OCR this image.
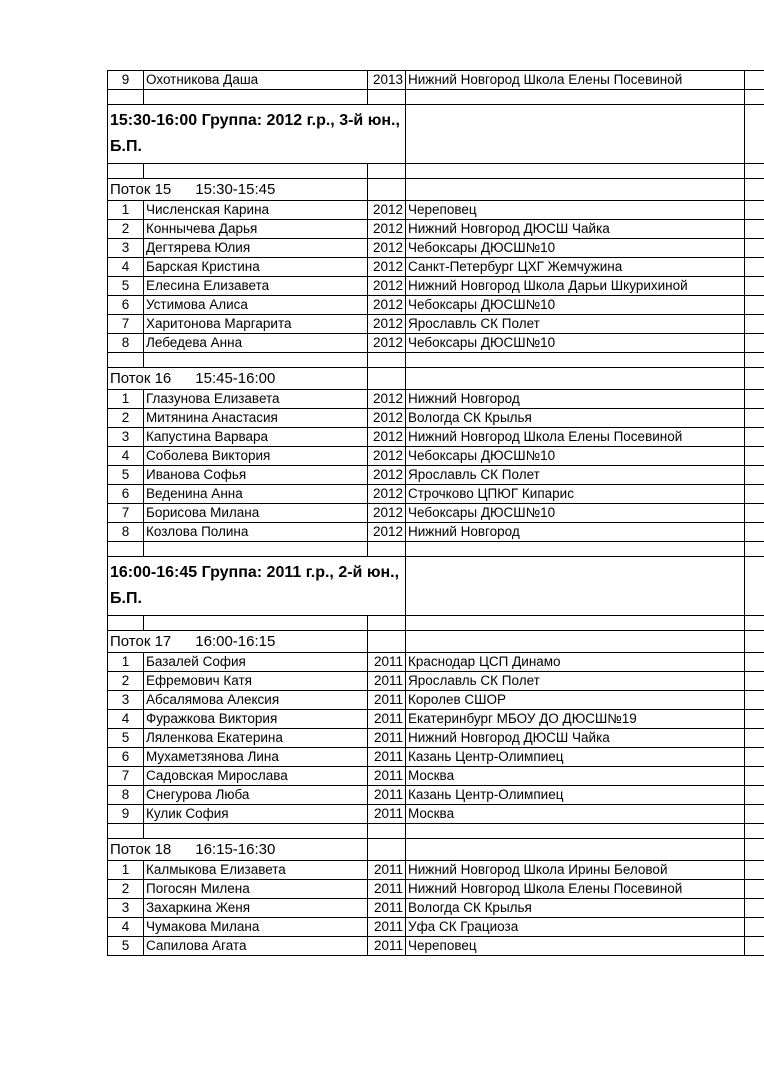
9	Охотникова Даша	2013	Нижний Новгород Школа Елены Посевиной	

15:30-16:00 Группа: 2012 г.р., 3-й юн., Б.П.				

Поток 15 15:30-15:45				
1	Численская Карина	2012	Череповец	
2	Коннычева Дарья	2012	Нижний Новгород ДЮСШ Чайка	
3	Дегтярева Юлия	2012	Чебоксары ДЮСШ№10	
4	Барская Кристина	2012	Санкт-Петербург ЦХГ Жемчужина	
5	Елесина Елизавета	2012	Нижний Новгород Школа Дарьи Шкурихиной	
6	Устимова Алиса	2012	Чебоксары ДЮСШ№10	
7	Харитонова Маргарита	2012	Ярославль СК Полет	
8	Лебедева Анна	2012	Чебоксары ДЮСШ№10	

Поток 16 15:45-16:00				
1	Глазунова Елизавета	2012	Нижний Новгород	
2	Митянина Анастасия	2012	Вологда СК Крылья	
3	Капустина Варвара	2012	Нижний Новгород Школа Елены Посевиной	
4	Соболева Виктория	2012	Чебоксары ДЮСШ№10	
5	Иванова Софья	2012	Ярославль СК Полет	
6	Веденина Анна	2012	Строчково ЦПЮГ Кипарис	
7	Борисова Милана	2012	Чебоксары ДЮСШ№10	
8	Козлова Полина	2012	Нижний Новгород	

16:00-16:45 Группа: 2011 г.р., 2-й юн., Б.П.				

Поток 17 16:00-16:15				
1	Базалей София	2011	Краснодар ЦСП Динамо	
2	Ефремович Катя	2011	Ярославль СК Полет	
3	Абсалямова Алексия	2011	Королев СШОР	
4	Фуражкова Виктория	2011	Екатеринбург МБОУ ДО ДЮСШ№19	
5	Ляленкова Екатерина	2011	Нижний Новгород ДЮСШ Чайка	
6	Мухаметзянова Лина	2011	Казань Центр-Олимпиец	
7	Садовская Мирослава	2011	Москва	
8	Снегурова Люба	2011	Казань Центр-Олимпиец	
9	Кулик София	2011	Москва	

Поток 18 16:15-16:30				
1	Калмыкова Елизавета	2011	Нижний Новгород Школа Ирины Беловой	
2	Погосян Милена	2011	Нижний Новгород Школа Елены Посевиной	
3	Захаркина Женя	2011	Вологда СК Крылья	
4	Чумакова Милана	2011	Уфа СК Грациоза	
5	Сапилова Агата	2011	Череповец	
